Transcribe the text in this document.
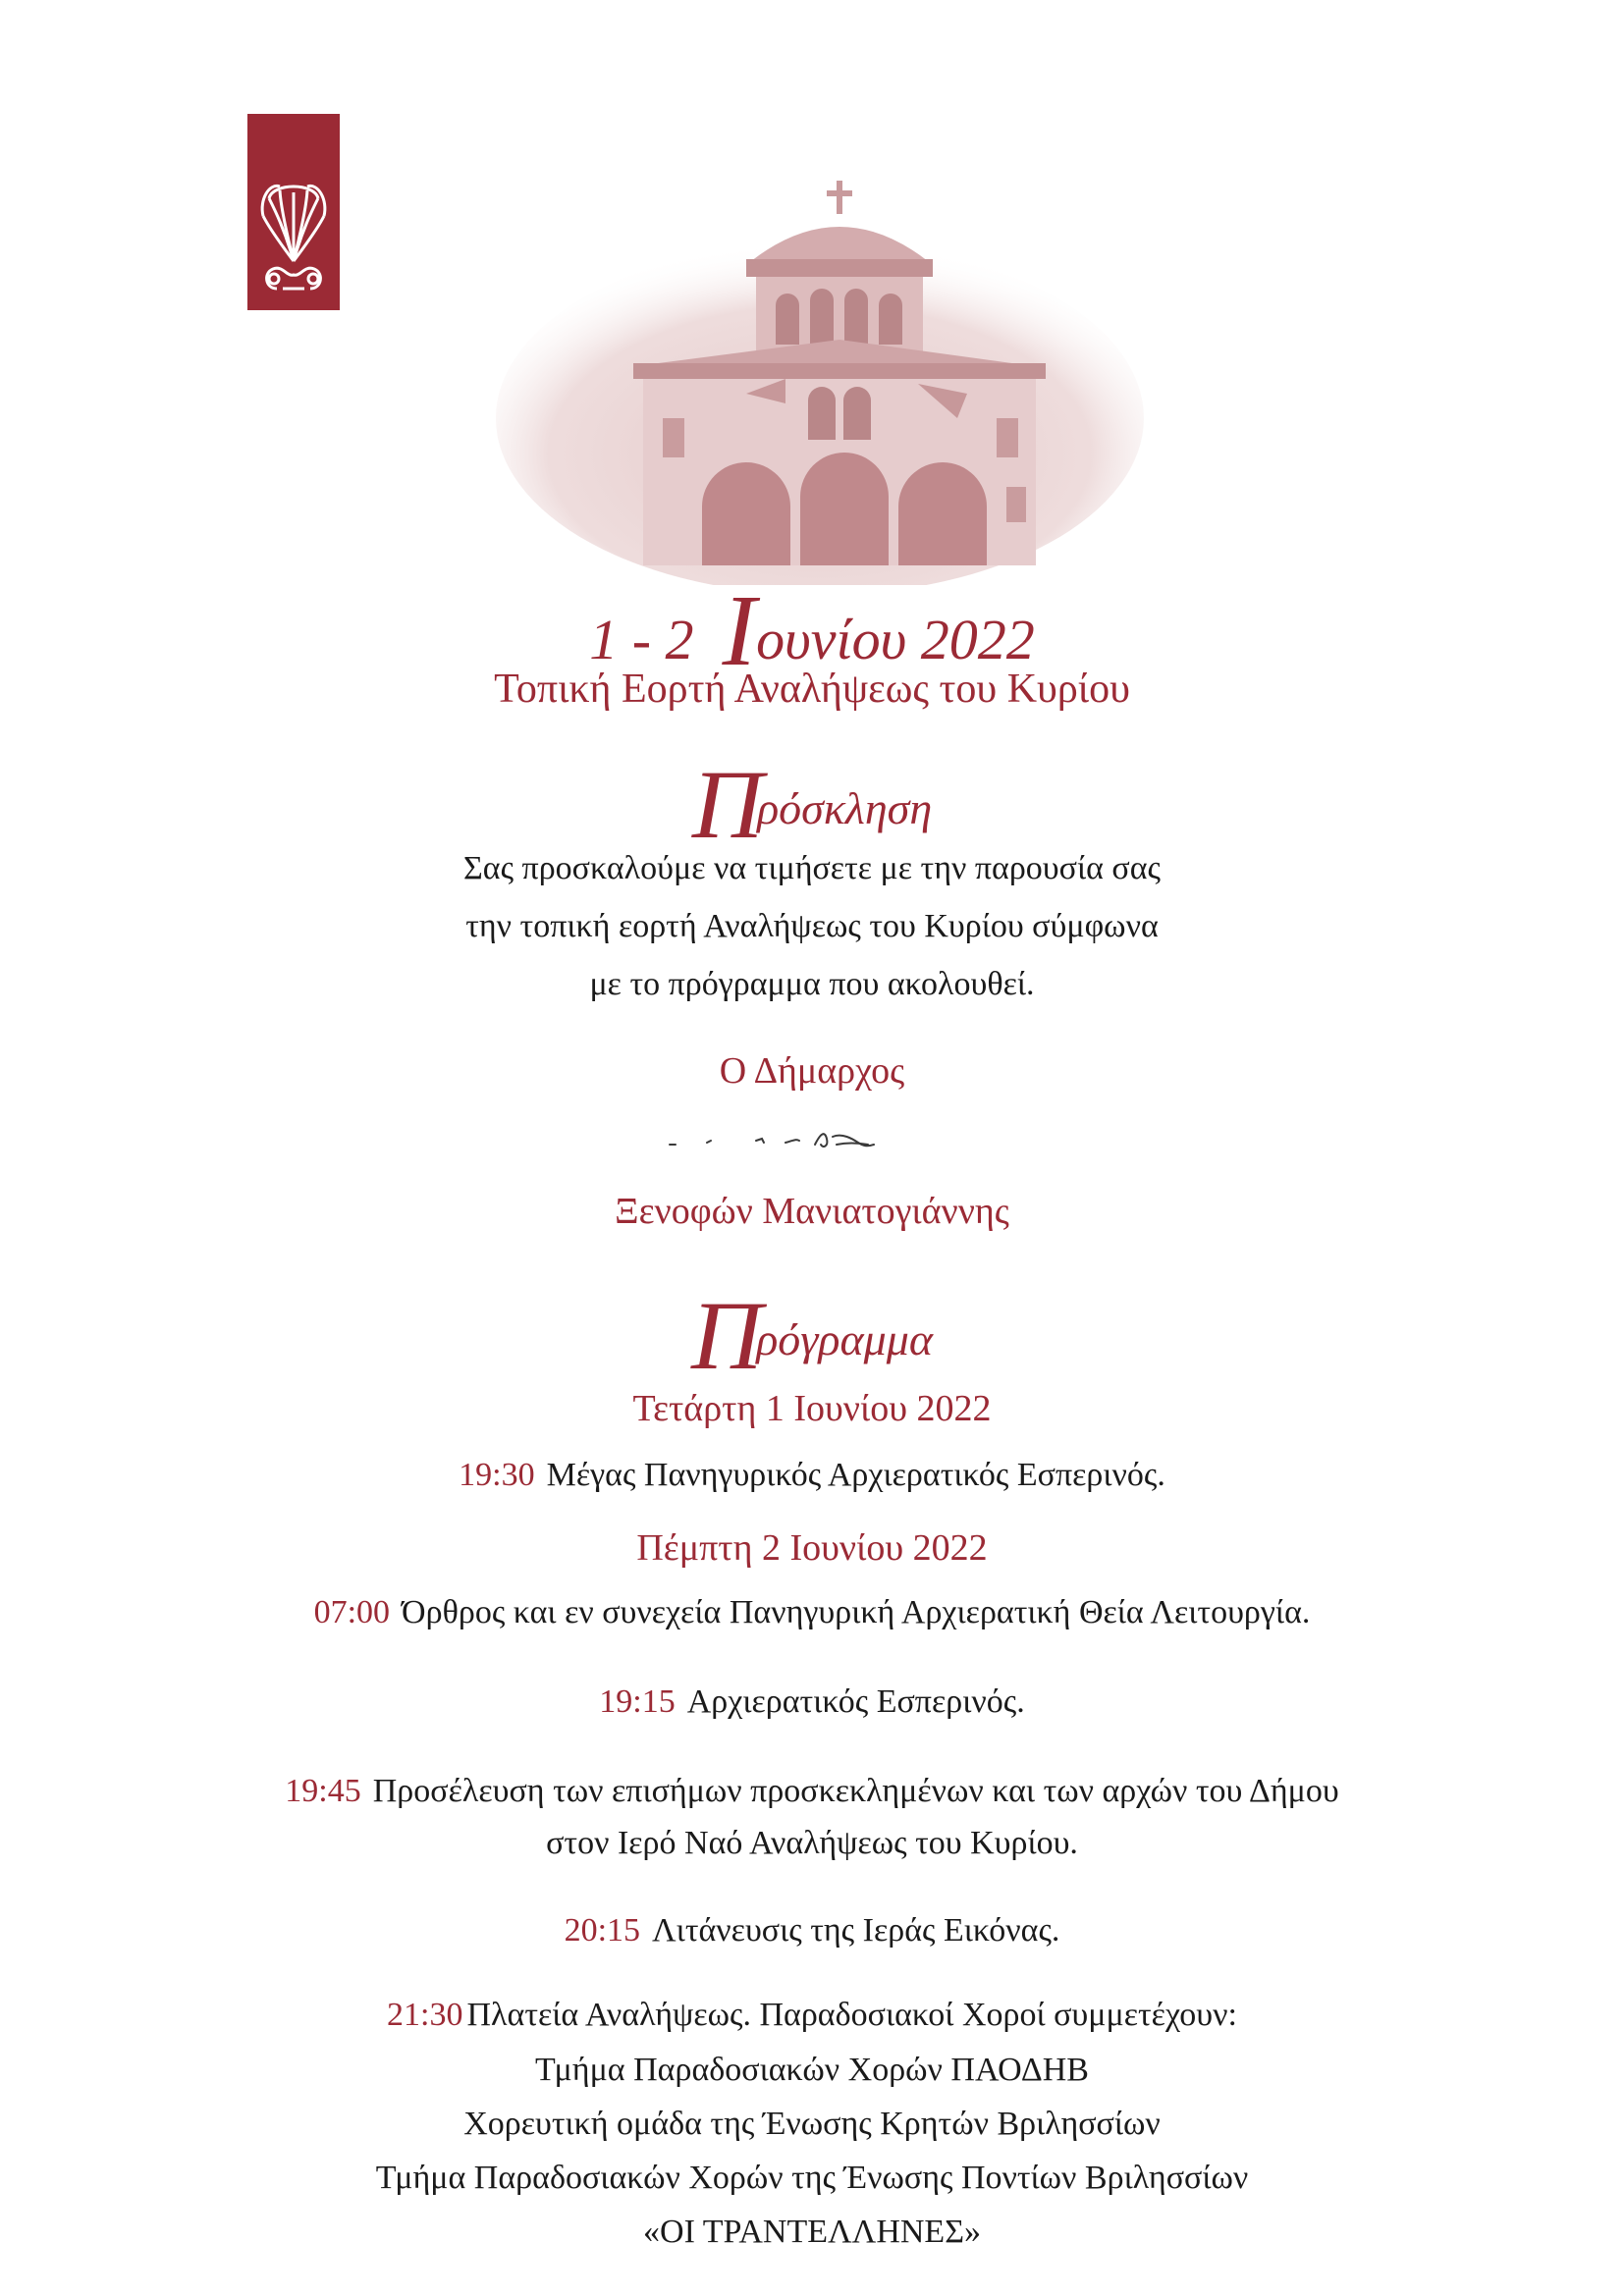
ΔΗΜΟΣ
ΒΡΙΛΗΣΣΙΩΝ
1 - 2 Ιουνίου 2022
Τοπική Εορτή Αναλήψεως του Κυρίου
Πρόσκληση
Σας προσκαλούμε να τιμήσετε με την παρουσία σας
την τοπική εορτή Αναλήψεως του Κυρίου σύμφωνα
με το πρόγραμμα που ακολουθεί.
Ο Δήμαρχος
Ξενοφών Μανιατογιάννης
Πρόγραμμα
Τετάρτη 1 Ιουνίου 2022
19:30 Μέγας Πανηγυρικός Αρχιερατικός Εσπερινός.
Πέμπτη 2 Ιουνίου 2022
07:00 Όρθρος και εν συνεχεία Πανηγυρική Αρχιερατική Θεία Λειτουργία.
19:15 Αρχιερατικός Εσπερινός.
19:45 Προσέλευση των επισήμων προσκεκλημένων και των αρχών του Δήμου
στον Ιερό Ναό Αναλήψεως του Κυρίου.
20:15 Λιτάνευσις της Ιεράς Εικόνας.
21:30 Πλατεία Αναλήψεως. Παραδοσιακοί Χοροί συμμετέχουν:
Τμήμα Παραδοσιακών Χορών ΠΑΟΔΗΒ
Χορευτική ομάδα της Ένωσης Κρητών Βριλησσίων
Τμήμα Παραδοσιακών Χορών της Ένωσης Ποντίων Βριλησσίων
«ΟΙ ΤΡΑΝΤΕΛΛΗΝΕΣ»
